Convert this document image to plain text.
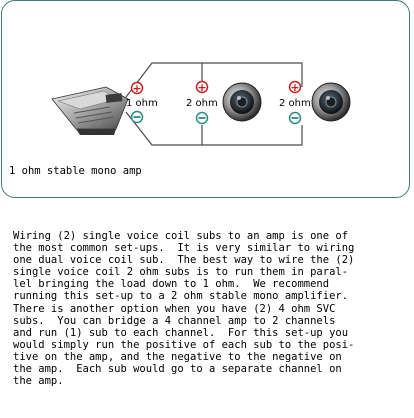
+	+
+
1 ohm	2 ohm	2 ohm
1 ohm stable mono amp
Wiring (2) single voice coil subs to an amp is one of
the most common set-ups.  It is very similar to wiring
one dual voice coil sub.  The best way to wire the (2)
single voice coil 2 ohm subs is to run them in paral-
lel bringing the load down to 1 ohm.  We recommend
running this set-up to a 2 ohm stable mono amplifier.
There is another option when you have (2) 4 ohm SVC
subs.  You can bridge a 4 channel amp to 2 channels
and run (1) sub to each channel.  For this set-up you
would simply run the positive of each sub to the posi-
tive on the amp, and the negative to the negative on
the amp.  Each sub would go to a separate channel on
the amp.
